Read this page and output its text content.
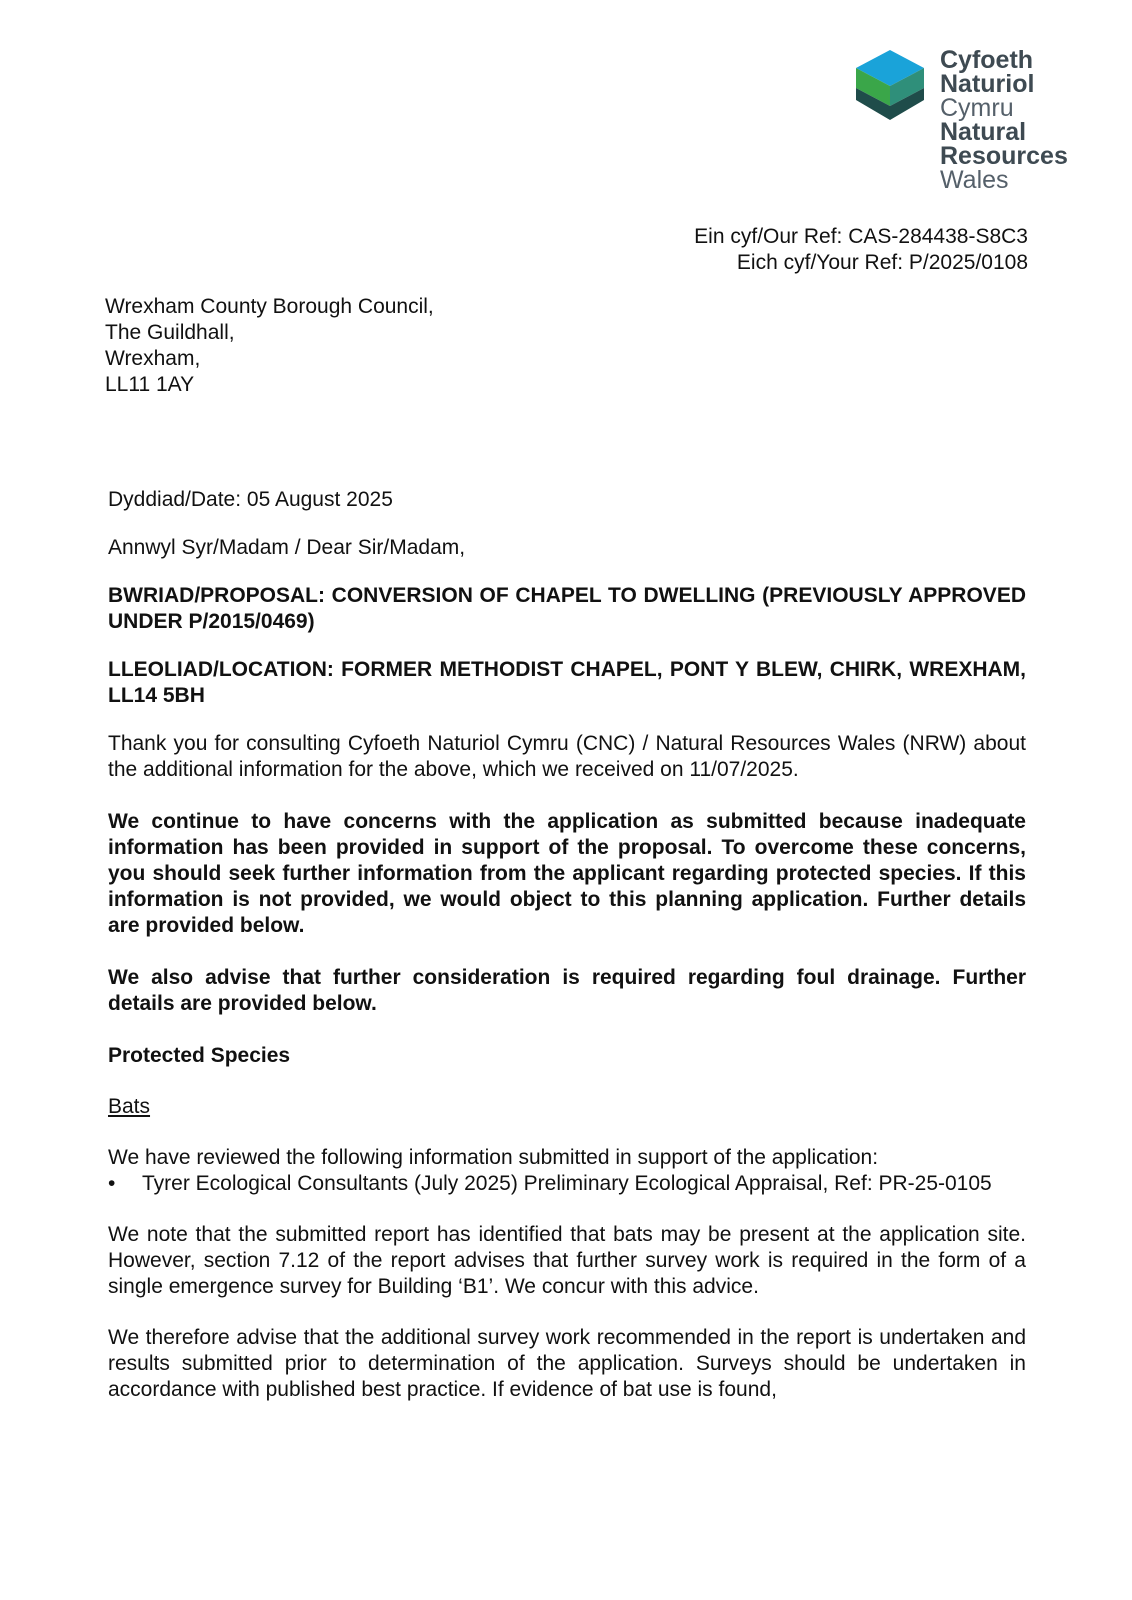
Cyfoeth
Naturiol
Cymru
Natural
Resources
Wales
Ein cyf/Our Ref: CAS-284438-S8C3
Eich cyf/Your Ref: P/2025/0108
Wrexham County Borough Council,
The Guildhall,
Wrexham,
LL11 1AY

Dyddiad/Date: 05 August 2025

Annwyl Syr/Madam / Dear Sir/Madam,

BWRIAD/PROPOSAL: CONVERSION OF CHAPEL TO DWELLING (PREVIOUSLY APPROVED UNDER P/2015/0469)

LLEOLIAD/LOCATION: FORMER METHODIST CHAPEL, PONT Y BLEW, CHIRK, WREXHAM, LL14 5BH

Thank you for consulting Cyfoeth Naturiol Cymru (CNC) / Natural Resources Wales (NRW) about the additional information for the above, which we received on 11/07/2025.

We continue to have concerns with the application as submitted because inadequate information has been provided in support of the proposal. To overcome these concerns, you should seek further information from the applicant regarding protected species. If this information is not provided, we would object to this planning application. Further details are provided below.

We also advise that further consideration is required regarding foul drainage. Further details are provided below.

Protected Species

Bats

We have reviewed the following information submitted in support of the application:

•	Tyrer Ecological Consultants (July 2025) Preliminary Ecological Appraisal, Ref: PR-25-0105

We note that the submitted report has identified that bats may be present at the application site. However, section 7.12 of the report advises that further survey work is required in the form of a single emergence survey for Building ‘B1’. We concur with this advice.

We therefore advise that the additional survey work recommended in the report is undertaken and results submitted prior to determination of the application. Surveys should be undertaken in accordance with published best practice. If evidence of bat use is found,
